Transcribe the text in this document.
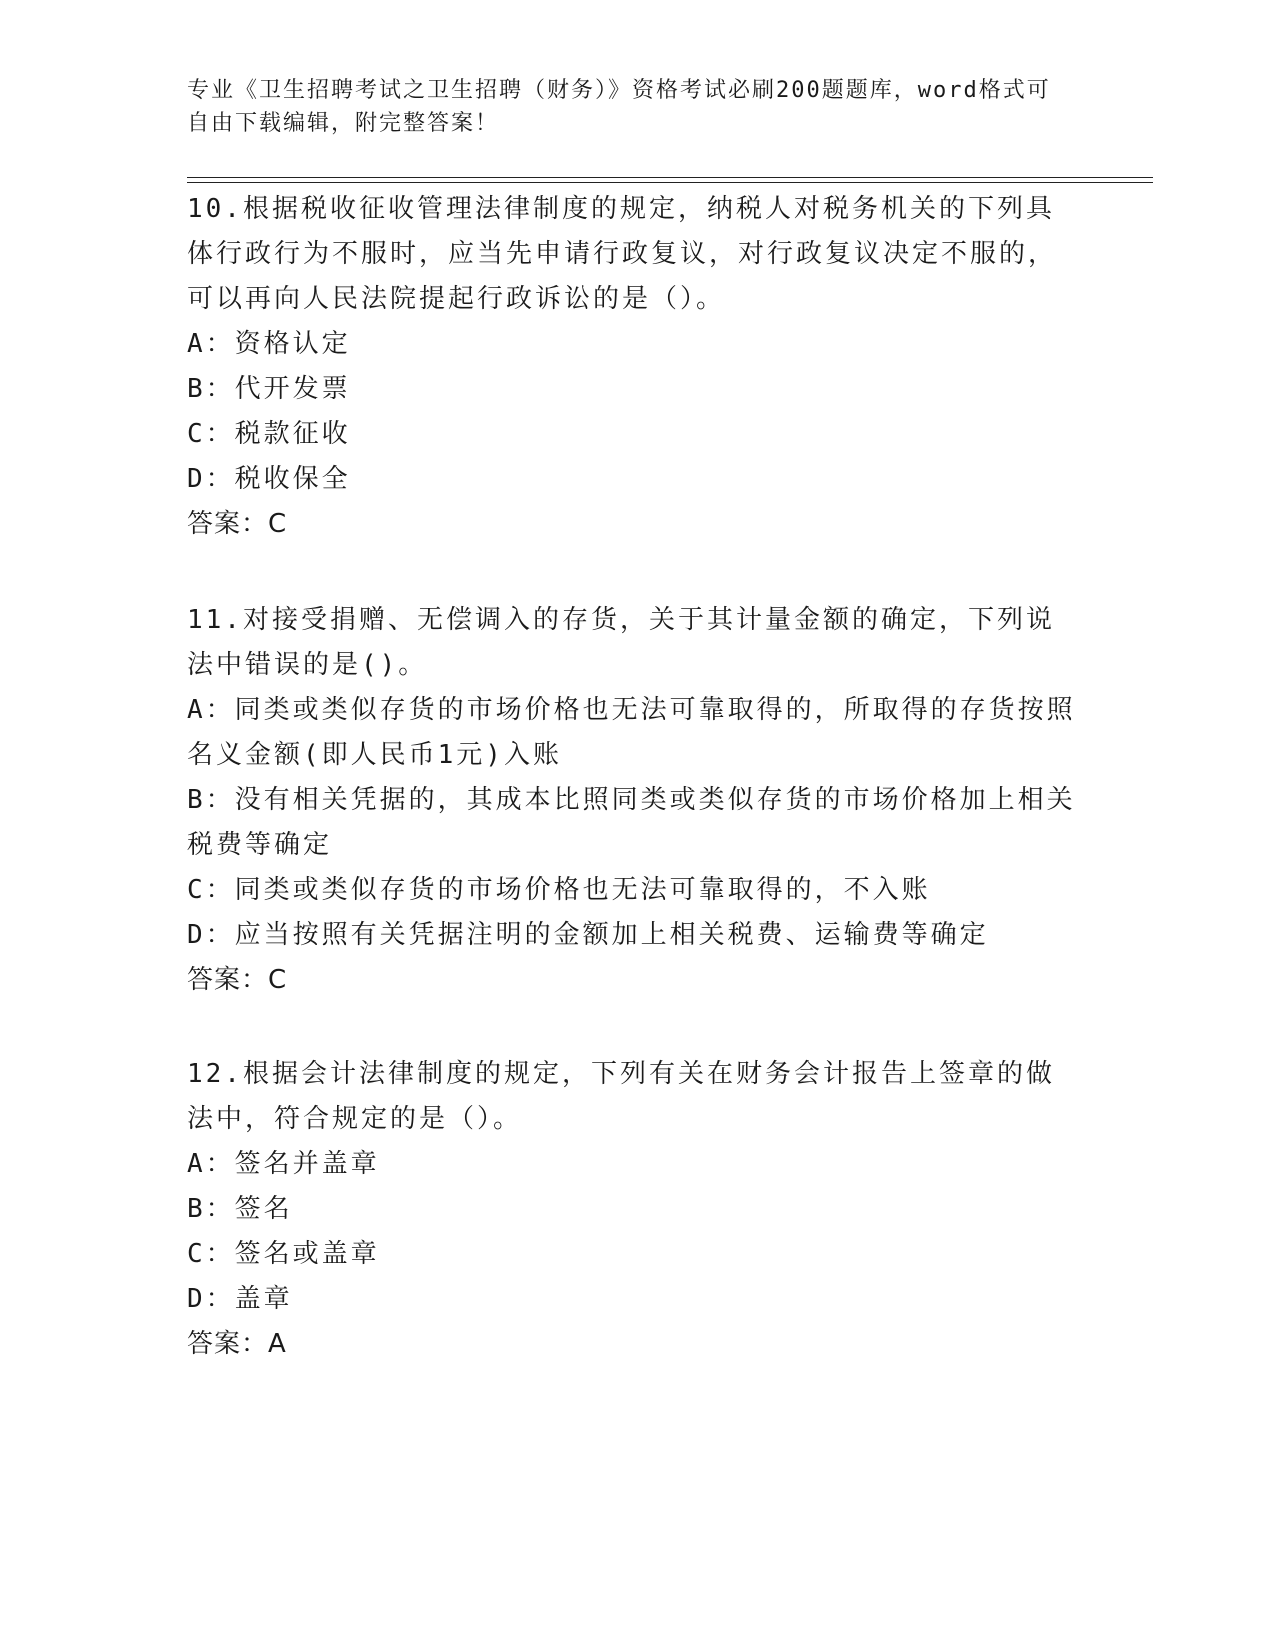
专业《卫生招聘考试之卫生招聘（财务）》资格考试必刷200题题库，word格式可自由下载编辑，附完整答案！

10.根据税收征收管理法律制度的规定，纳税人对税务机关的下列具体行政行为不服时，应当先申请行政复议，对行政复议决定不服的，可以再向人民法院提起行政诉讼的是（）。

A：资格认定

B：代开发票

C：税款征收

D：税收保全

答案：C

11.对接受捐赠、无偿调入的存货，关于其计量金额的确定，下列说法中错误的是()。

A：同类或类似存货的市场价格也无法可靠取得的，所取得的存货按照名义金额(即人民币1元)入账

B：没有相关凭据的，其成本比照同类或类似存货的市场价格加上相关税费等确定

C：同类或类似存货的市场价格也无法可靠取得的，不入账

D：应当按照有关凭据注明的金额加上相关税费、运输费等确定

答案：C

12.根据会计法律制度的规定，下列有关在财务会计报告上签章的做法中，符合规定的是（）。

A：签名并盖章

B：签名

C：签名或盖章

D：盖章

答案：A
